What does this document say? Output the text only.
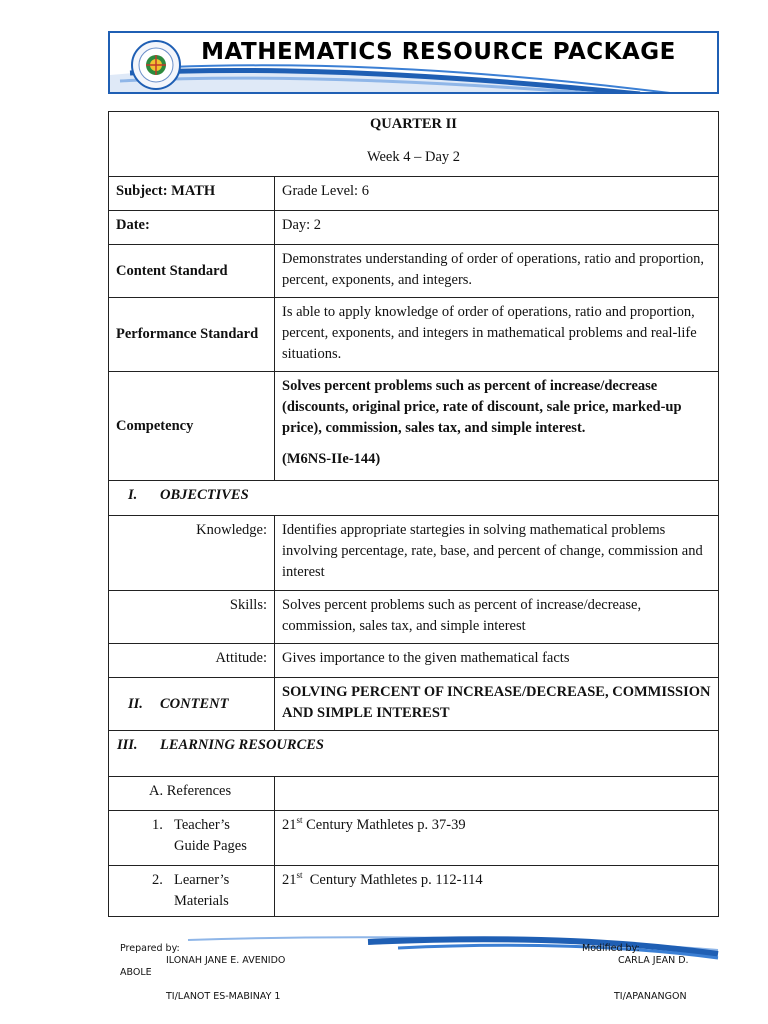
MATHEMATICS RESOURCE PACKAGE
QUARTER II
Week 4 – Day 2	

Subject: MATH	Grade Level: 6
Date:	Day: 2
Content Standard	Demonstrates understanding of order of operations, ratio and proportion, percent, exponents, and integers.
Performance Standard	Is able to apply knowledge of order of operations, ratio and proportion, percent, exponents, and integers in mathematical problems and real-life situations.
Competency	Solves percent problems such as percent of increase/decrease (discounts, original price, rate of discount, sale price, marked-up price), commission, sales tax, and simple interest.
(M6NS-IIe-144)

I. OBJECTIVES	
Knowledge:	Identifies appropriate startegies in solving mathematical problems involving percentage, rate, base, and percent of change, commission and interest
Skills:	Solves percent problems such as percent of increase/decrease, commission, sales tax, and simple interest
Attitude:	Gives importance to the given mathematical facts
II. CONTENT	SOLVING PERCENT OF INCREASE/DECREASE, COMMISSION AND SIMPLE INTEREST
III. LEARNING RESOURCES	
A. References	

1. Teacher’s Guide Pages	21st Century Mathletes p. 37-39

2. Learner’s Materials	21st  Century Mathletes p. 112-114
Prepared by:
ILONAH JANE E. AVENIDO
ABOLE
TI/LANOT ES-MABINAY 1
Modified by:
CARLA JEAN D.
TI/APANANGON
